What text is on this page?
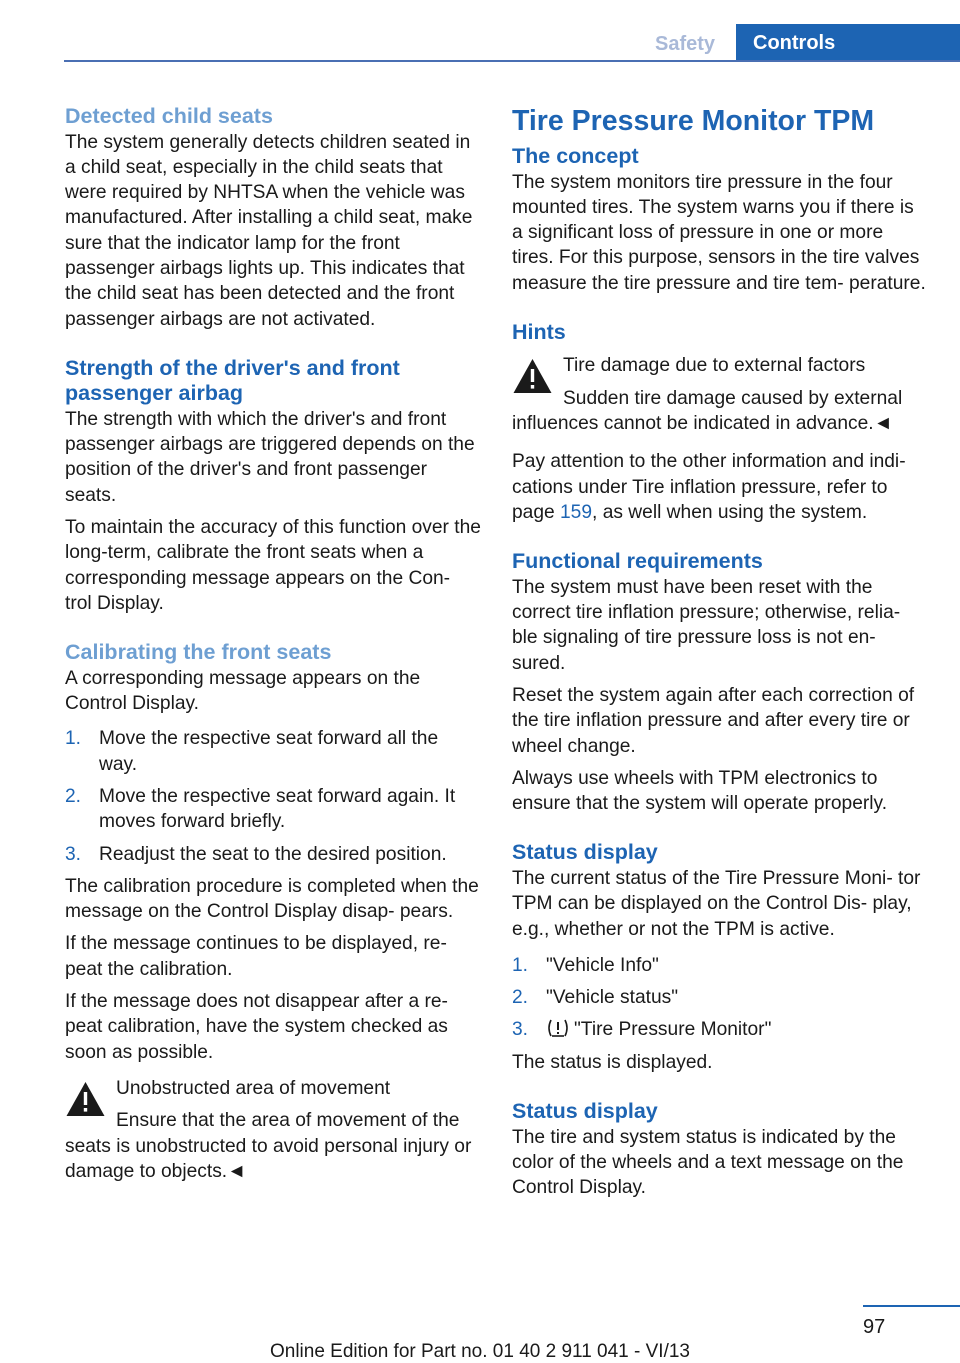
Safety	Controls
Detected child seats

The system generally detects children seated in a child seat, especially in the child seats that were required by NHTSA when the vehicle was manufactured. After installing a child seat, make sure that the indicator lamp for the front passenger airbags lights up. This indicates that the child seat has been detected and the front passenger airbags are not activated.

Strength of the driver's and front passenger airbag

The strength with which the driver's and front passenger airbags are triggered depends on the position of the driver's and front passenger seats.

To maintain the accuracy of this function over the long-term, calibrate the front seats when a corresponding message appears on the Con‐ trol Display.

Calibrating the front seats

A corresponding message appears on the Control Display.

1. Move the respective seat forward all the way.
2. Move the respective seat forward again. It moves forward briefly.
3. Readjust the seat to the desired position.

The calibration procedure is completed when the message on the Control Display disap‐ pears.

If the message continues to be displayed, re‐ peat the calibration.

If the message does not disappear after a re‐ peat calibration, have the system checked as soon as possible.

Unobstructed area of movement
Ensure that the area of movement of the
seats is unobstructed to avoid personal injury or damage to objects.◄
Tire Pressure Monitor TPM
The concept

The system monitors tire pressure in the four mounted tires. The system warns you if there is a significant loss of pressure in one or more tires. For this purpose, sensors in the tire valves measure the tire pressure and tire tem‐ perature.

Hints
Tire damage due to external factors
Sudden tire damage caused by external
influences cannot be indicated in advance.◄

Pay attention to the other information and indi‐ cations under Tire inflation pressure, refer to page 159, as well when using the system.

Functional requirements

The system must have been reset with the correct tire inflation pressure; otherwise, relia‐ ble signaling of tire pressure loss is not en‐ sured.

Reset the system again after each correction of the tire inflation pressure and after every tire or wheel change.

Always use wheels with TPM electronics to ensure that the system will operate properly.

Status display

The current status of the Tire Pressure Moni‐ tor TPM can be displayed on the Control Dis‐ play, e.g., whether or not the TPM is active.

1. "Vehicle Info"
2. "Vehicle status"
3. "Tire Pressure Monitor"

The status is displayed.

Status display

The tire and system status is indicated by the color of the wheels and a text message on the Control Display.

97
Online Edition for Part no. 01 40 2 911 041 - VI/13
